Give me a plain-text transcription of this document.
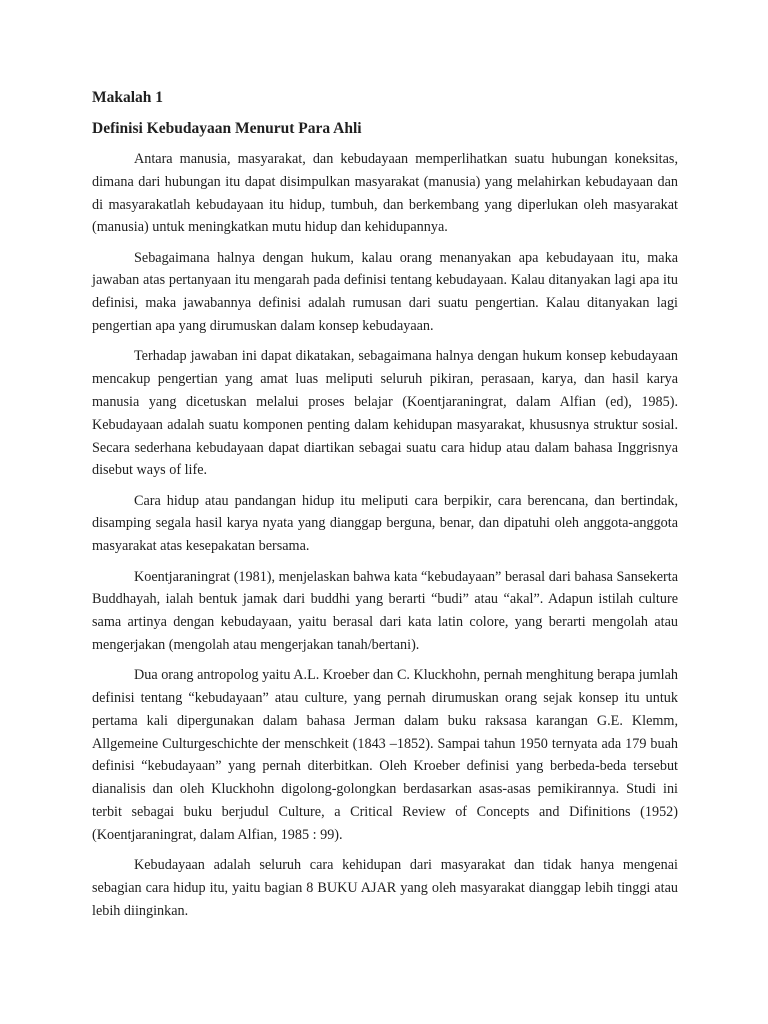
Makalah 1
Definisi Kebudayaan Menurut Para Ahli

Antara manusia, masyarakat, dan kebudayaan memperlihatkan suatu hubungan koneksitas, dimana dari hubungan itu dapat disimpulkan masyarakat (manusia) yang melahirkan kebudayaan dan di masyarakatlah kebudayaan itu hidup, tumbuh, dan berkembang yang diperlukan oleh masyarakat (manusia) untuk meningkatkan mutu hidup dan kehidupannya.

Sebagaimana halnya dengan hukum, kalau orang menanyakan apa kebudayaan itu, maka jawaban atas pertanyaan itu mengarah pada definisi tentang kebudayaan. Kalau ditanyakan lagi apa itu definisi, maka jawabannya definisi adalah rumusan dari suatu pengertian. Kalau ditanyakan lagi pengertian apa yang dirumuskan dalam konsep kebudayaan.

Terhadap jawaban ini dapat dikatakan, sebagaimana halnya dengan hukum konsep kebudayaan mencakup pengertian yang amat luas meliputi seluruh pikiran, perasaan, karya, dan hasil karya manusia yang dicetuskan melalui proses belajar (Koentjaraningrat, dalam Alfian (ed), 1985). Kebudayaan adalah suatu komponen penting dalam kehidupan masyarakat, khususnya struktur sosial. Secara sederhana kebudayaan dapat diartikan sebagai suatu cara hidup atau dalam bahasa Inggrisnya disebut ways of life.

Cara hidup atau pandangan hidup itu meliputi cara berpikir, cara berencana, dan bertindak, disamping segala hasil karya nyata yang dianggap berguna, benar, dan dipatuhi oleh anggota-anggota masyarakat atas kesepakatan bersama.

Koentjaraningrat (1981), menjelaskan bahwa kata “kebudayaan” berasal dari bahasa Sansekerta Buddhayah, ialah bentuk jamak dari buddhi yang berarti “budi” atau “akal”. Adapun istilah culture sama artinya dengan kebudayaan, yaitu berasal dari kata latin colore, yang berarti mengolah atau mengerjakan (mengolah atau mengerjakan tanah/bertani).

Dua orang antropolog yaitu A.L. Kroeber dan C. Kluckhohn, pernah menghitung berapa jumlah definisi tentang “kebudayaan” atau culture, yang pernah dirumuskan orang sejak konsep itu untuk pertama kali dipergunakan dalam bahasa Jerman dalam buku raksasa karangan G.E. Klemm, Allgemeine Culturgeschichte der menschkeit (1843 –1852). Sampai tahun 1950 ternyata ada 179 buah definisi “kebudayaan” yang pernah diterbitkan. Oleh Kroeber definisi yang berbeda-beda tersebut dianalisis dan oleh Kluckhohn digolong-golongkan berdasarkan asas-asas pemikirannya. Studi ini terbit sebagai buku berjudul Culture, a Critical Review of Concepts and Difinitions (1952) (Koentjaraningrat, dalam Alfian, 1985 : 99).

Kebudayaan adalah seluruh cara kehidupan dari masyarakat dan tidak hanya mengenai sebagian cara hidup itu, yaitu bagian 8 BUKU AJAR yang oleh masyarakat dianggap lebih tinggi atau lebih diinginkan.
